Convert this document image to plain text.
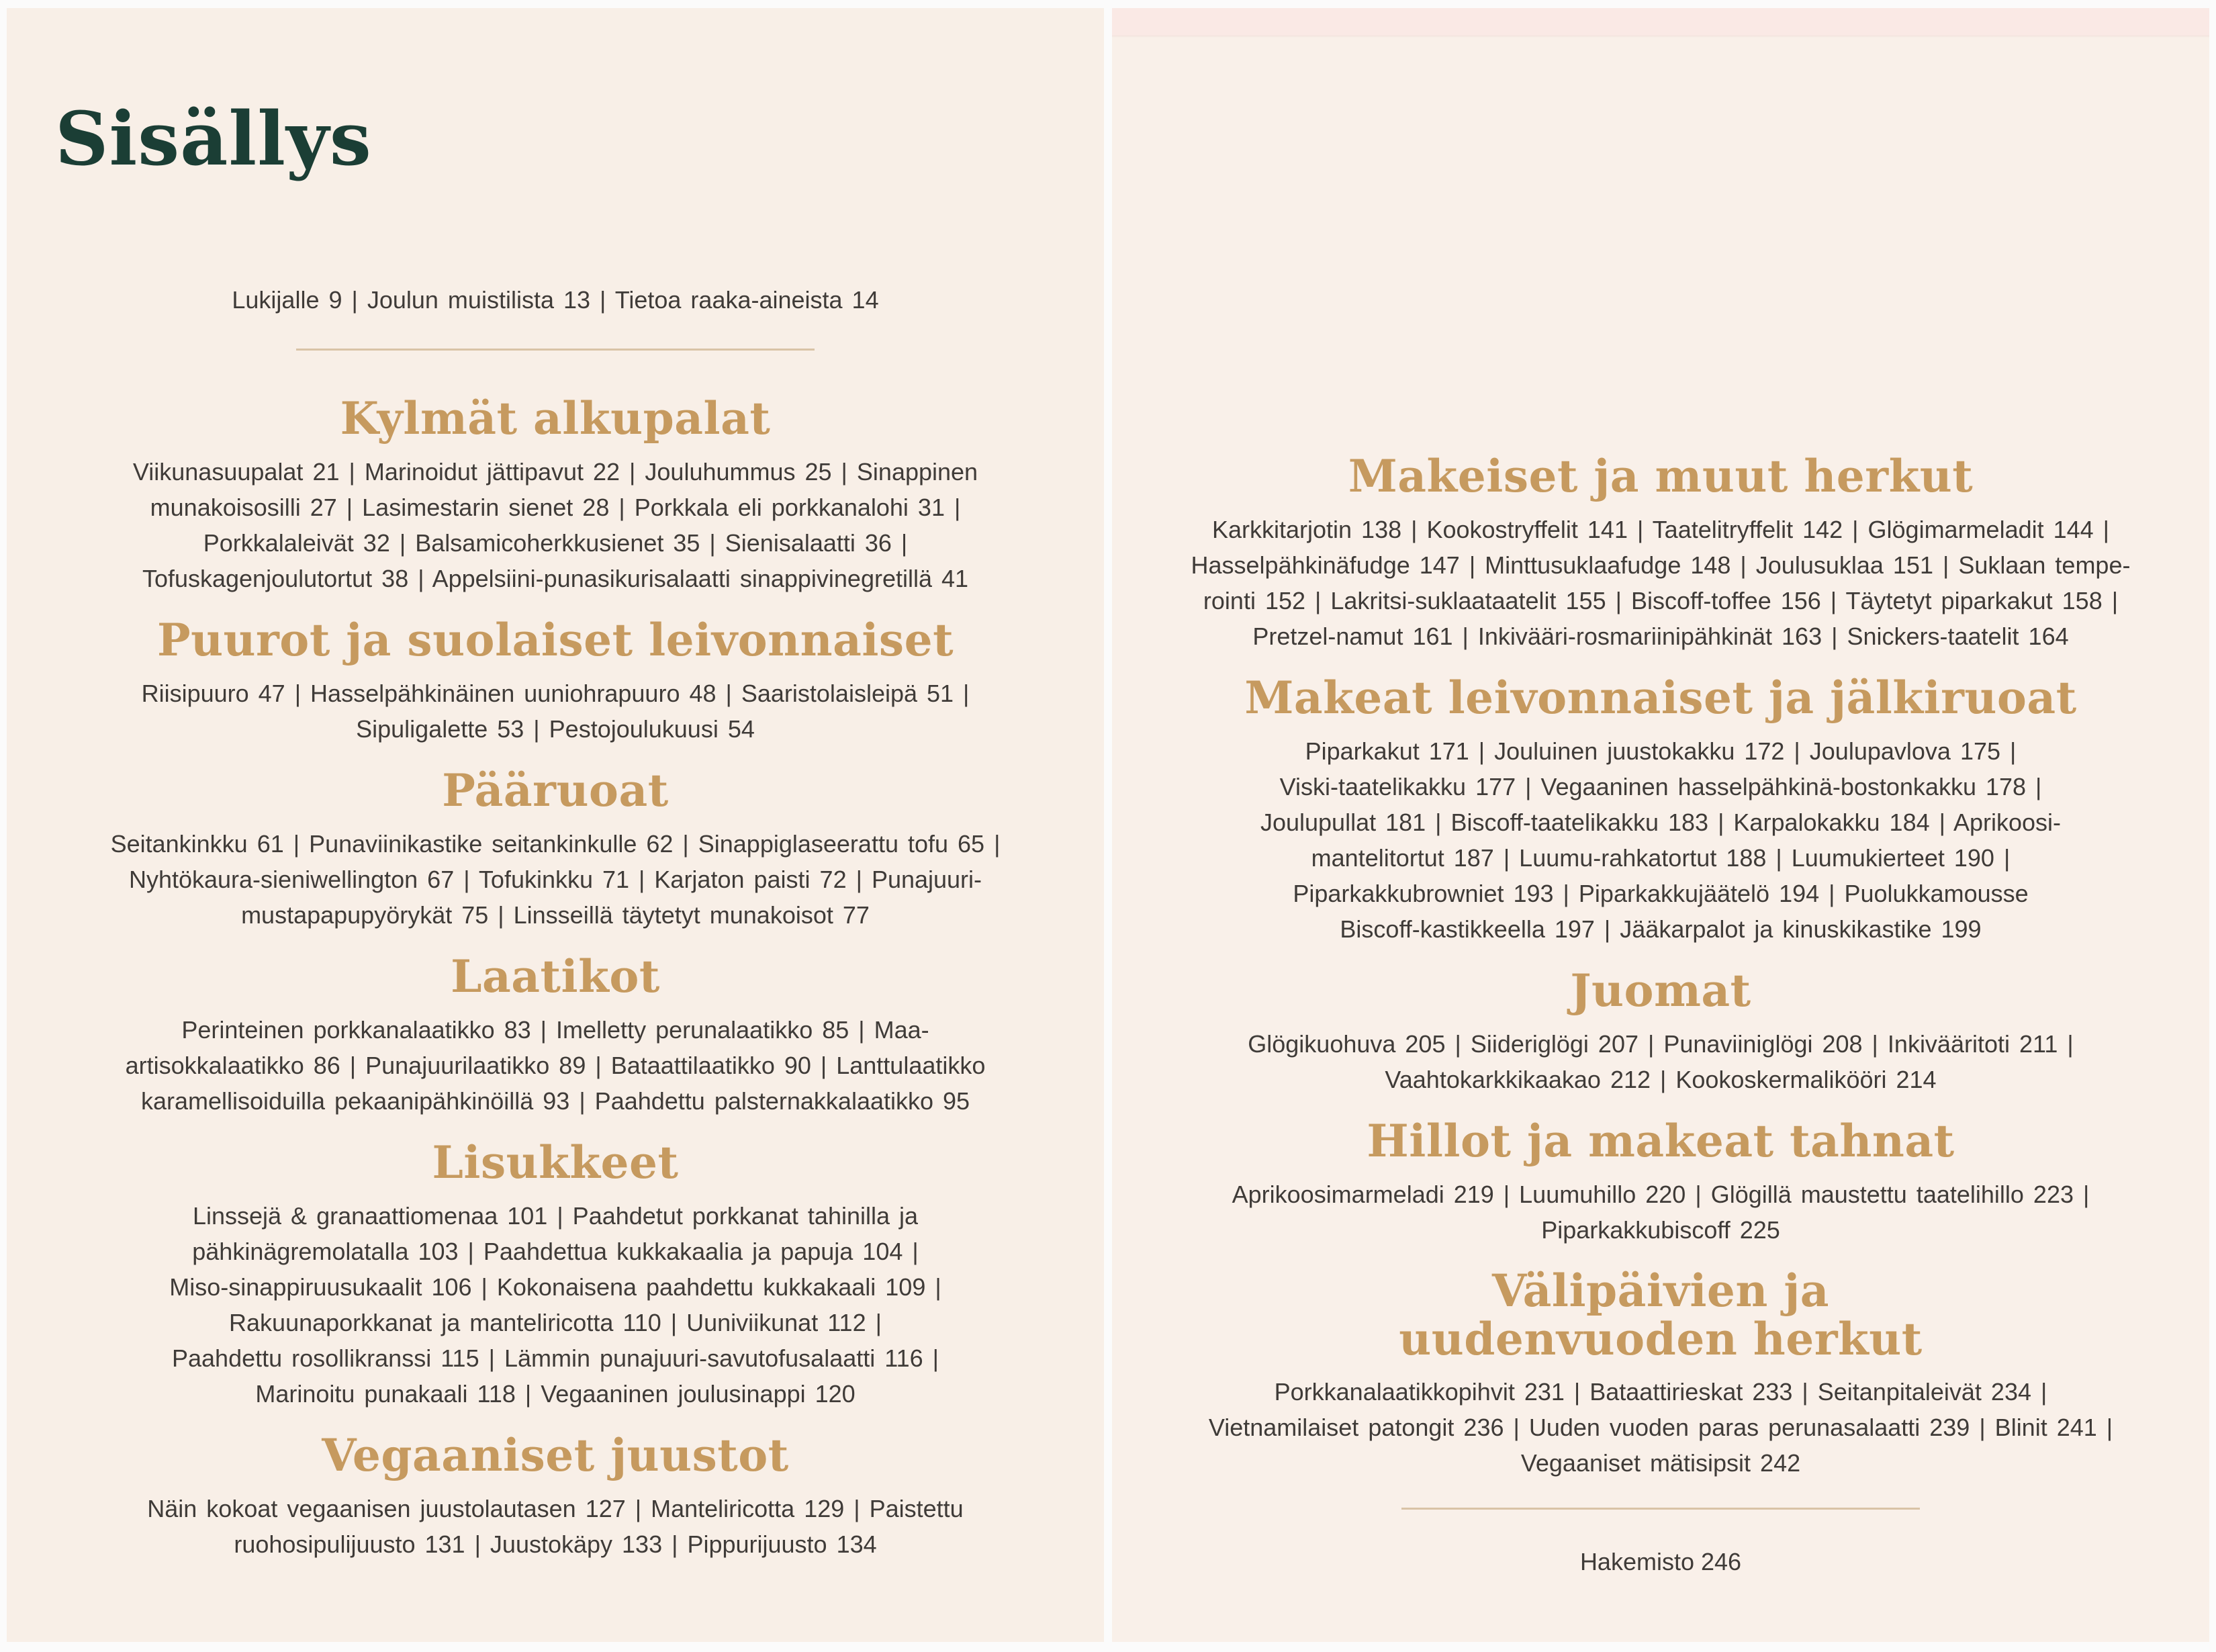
Sisällys

Lukijalle 9 | Joulun muistilista 13 | Tietoa raaka-aineista 14

Kylmät alkupalat

Viikunasuupalat 21 | Marinoidut jättipavut 22 | Jouluhummus 25 | Sinappinen
munakoisosilli 27 | Lasimestarin sienet 28 | Porkkala eli porkkanalohi 31 |
Porkkalaleivät 32 | Balsamicoherkkusienet 35 | Sienisalaatti 36 |
Tofuskagenjoulutortut 38 | Appelsiini-punasikurisalaatti sinappivinegretillä 41

Puurot ja suolaiset leivonnaiset

Riisipuuro 47 | Hasselpähkinäinen uuniohrapuuro 48 | Saaristolaisleipä 51 |
Sipuligalette 53 | Pestojoulukuusi 54

Pääruoat

Seitankinkku 61 | Punaviinikastike seitankinkulle 62 | Sinappiglaseerattu tofu 65 |
Nyhtökaura-sieniwellington 67 | Tofukinkku 71 | Karjaton paisti 72 | Punajuuri-
mustapapupyörykät 75 | Linsseillä täytetyt munakoisot 77

Laatikot

Perinteinen porkkanalaatikko 83 | Imelletty perunalaatikko 85 | Maa-
artisokkalaatikko 86 | Punajuurilaatikko 89 | Bataattilaatikko 90 | Lanttulaatikko
karamellisoiduilla pekaanipähkinöillä 93 | Paahdettu palsternakkalaatikko 95

Lisukkeet

Linssejä & granaattiomenaa 101 | Paahdetut porkkanat tahinilla ja
pähkinägremolatalla 103 | Paahdettua kukkakaalia ja papuja 104 |
Miso-sinappiruusukaalit 106 | Kokonaisena paahdettu kukkakaali 109 |
Rakuunaporkkanat ja manteliricotta 110 | Uuniviikunat 112 |
Paahdettu rosollikranssi 115 | Lämmin punajuuri-savutofusalaatti 116 |
Marinoitu punakaali 118 | Vegaaninen joulusinappi 120

Vegaaniset juustot

Näin kokoat vegaanisen juustolautasen 127 | Manteliricotta 129 | Paistettu
ruohosipulijuusto 131 | Juustokäpy 133 | Pippurijuusto 134

Makeiset ja muut herkut

Karkkitarjotin 138 | Kookostryffelit 141 | Taatelitryffelit 142 | Glögimarmeladit 144 |
Hasselpähkinäfudge 147 | Minttusuklaafudge 148 | Joulusuklaa 151 | Suklaan tempe-
rointi 152 | Lakritsi-suklaataatelit 155 | Biscoff-toffee 156 | Täytetyt piparkakut 158 |
Pretzel-namut 161 | Inkivääri-rosmariinipähkinät 163 | Snickers-taatelit 164

Makeat leivonnaiset ja jälkiruoat

Piparkakut 171 | Jouluinen juustokakku 172 | Joulupavlova 175 |
Viski-taatelikakku 177 | Vegaaninen hasselpähkinä-bostonkakku 178 |
Joulupullat 181 | Biscoff-taatelikakku 183 | Karpalokakku 184 | Aprikoosi-
mantelitortut 187 | Luumu-rahkatortut 188 | Luumukierteet 190 |
Piparkakkubrowniet 193 | Piparkakkujäätelö 194 | Puolukkamousse
Biscoff-kastikkeella 197 | Jääkarpalot ja kinuskikastike 199

Juomat

Glögikuohuva 205 | Siideriglögi 207 | Punaviiniglögi 208 | Inkivääritoti 211 |
Vaahtokarkkikaakao 212 | Kookoskermalikööri 214

Hillot ja makeat tahnat

Aprikoosimarmeladi 219 | Luumuhillo 220 | Glögillä maustettu taatelihillo 223 |
Piparkakkubiscoff 225

Välipäivien ja
uudenvuoden herkut

Porkkanalaatikkopihvit 231 | Bataattirieskat 233 | Seitanpitaleivät 234 |
Vietnamilaiset patongit 236 | Uuden vuoden paras perunasalaatti 239 | Blinit 241 |
Vegaaniset mätisipsit 242

Hakemisto 246
